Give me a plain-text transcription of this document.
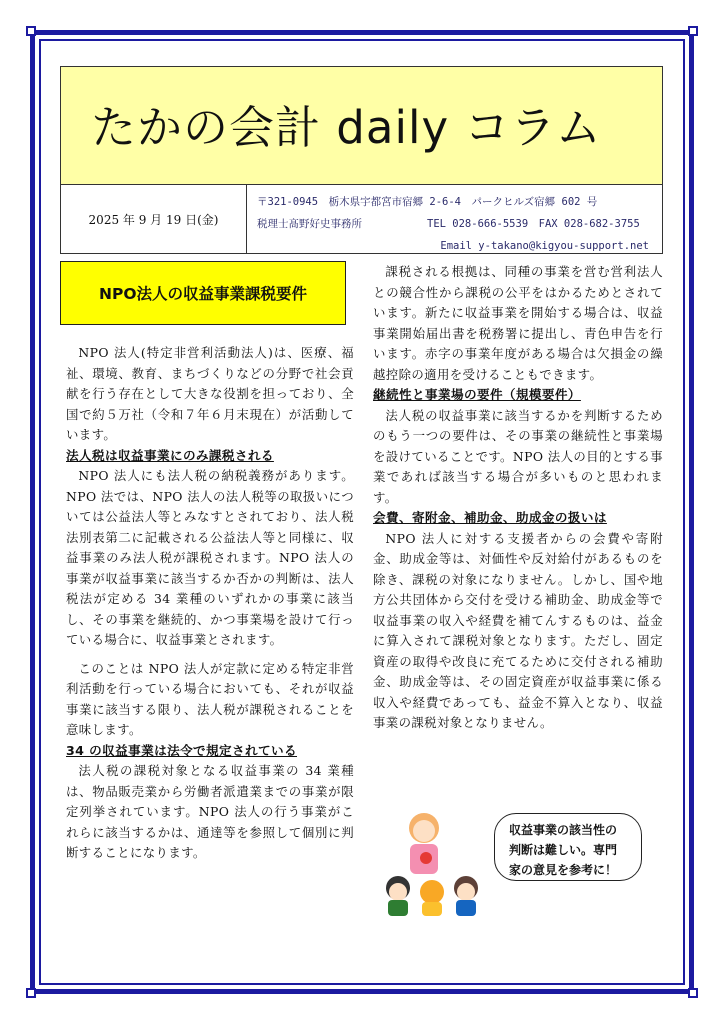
たかの会計 daily コラム
2025 年 9 月 19 日(金)
〒321-0945　栃木県宇都宮市宿郷 2-6-4　パークヒルズ宿郷 602 号
税理士髙野好史事務所	TEL 028-666-5539　FAX 028-682-3755
Email y-takano@kigyou-support.net
NPO法人の収益事業課税要件

NPO 法人(特定非営利活動法人)は、医療、福祉、環境、教育、まちづくりなどの分野で社会貢献を行う存在として大きな役割を担っており、全国で約５万社（令和７年６月末現在）が活動しています。

法人税は収益事業にのみ課税される

NPO 法人にも法人税の納税義務があります。NPO 法では、NPO 法人の法人税等の取扱いについては公益法人等とみなすとされており、法人税法別表第二に記載される公益法人等と同様に、収益事業のみ法人税が課税されます。NPO 法人の事業が収益事業に該当するか否かの判断は、法人税法が定める 34 業種のいずれかの事業に該当し、その事業を継続的、かつ事業場を設けて行っている場合に、収益事業とされます。

このことは NPO 法人が定款に定める特定非営利活動を行っている場合においても、それが収益事業に該当する限り、法人税が課税されることを意味します。

34 の収益事業は法令で規定されている

法人税の課税対象となる収益事業の 34 業種は、物品販売業から労働者派遣業までの事業が限定列挙されています。NPO 法人の行う事業がこれらに該当するかは、通達等を参照して個別に判断することになります。

課税される根拠は、同種の事業を営む営利法人との競合性から課税の公平をはかるためとされています。新たに収益事業を開始する場合は、収益事業開始届出書を税務署に提出し、青色申告を行います。赤字の事業年度がある場合は欠損金の繰越控除の適用を受けることもできます。

継続性と事業場の要件（規模要件）

法人税の収益事業に該当するかを判断するためのもう一つの要件は、その事業の継続性と事業場を設けていることです。NPO 法人の目的とする事業であれば該当する場合が多いものと思われます。

会費、寄附金、補助金、助成金の扱いは

NPO 法人に対する支援者からの会費や寄附金、助成金等は、対価性や反対給付があるものを除き、課税の対象になりません。しかし、国や地方公共団体から交付を受ける補助金、助成金等で収益事業の収入や経費を補てんするものは、益金に算入されて課税対象となります。ただし、固定資産の取得や改良に充てるために交付される補助金、助成金等は、その固定資産が収益事業に係る収入や経費であっても、益金不算入となり、収益事業の課税対象となりません。

収益事業の該当性の
判断は難しい。専門
家の意見を参考に！
